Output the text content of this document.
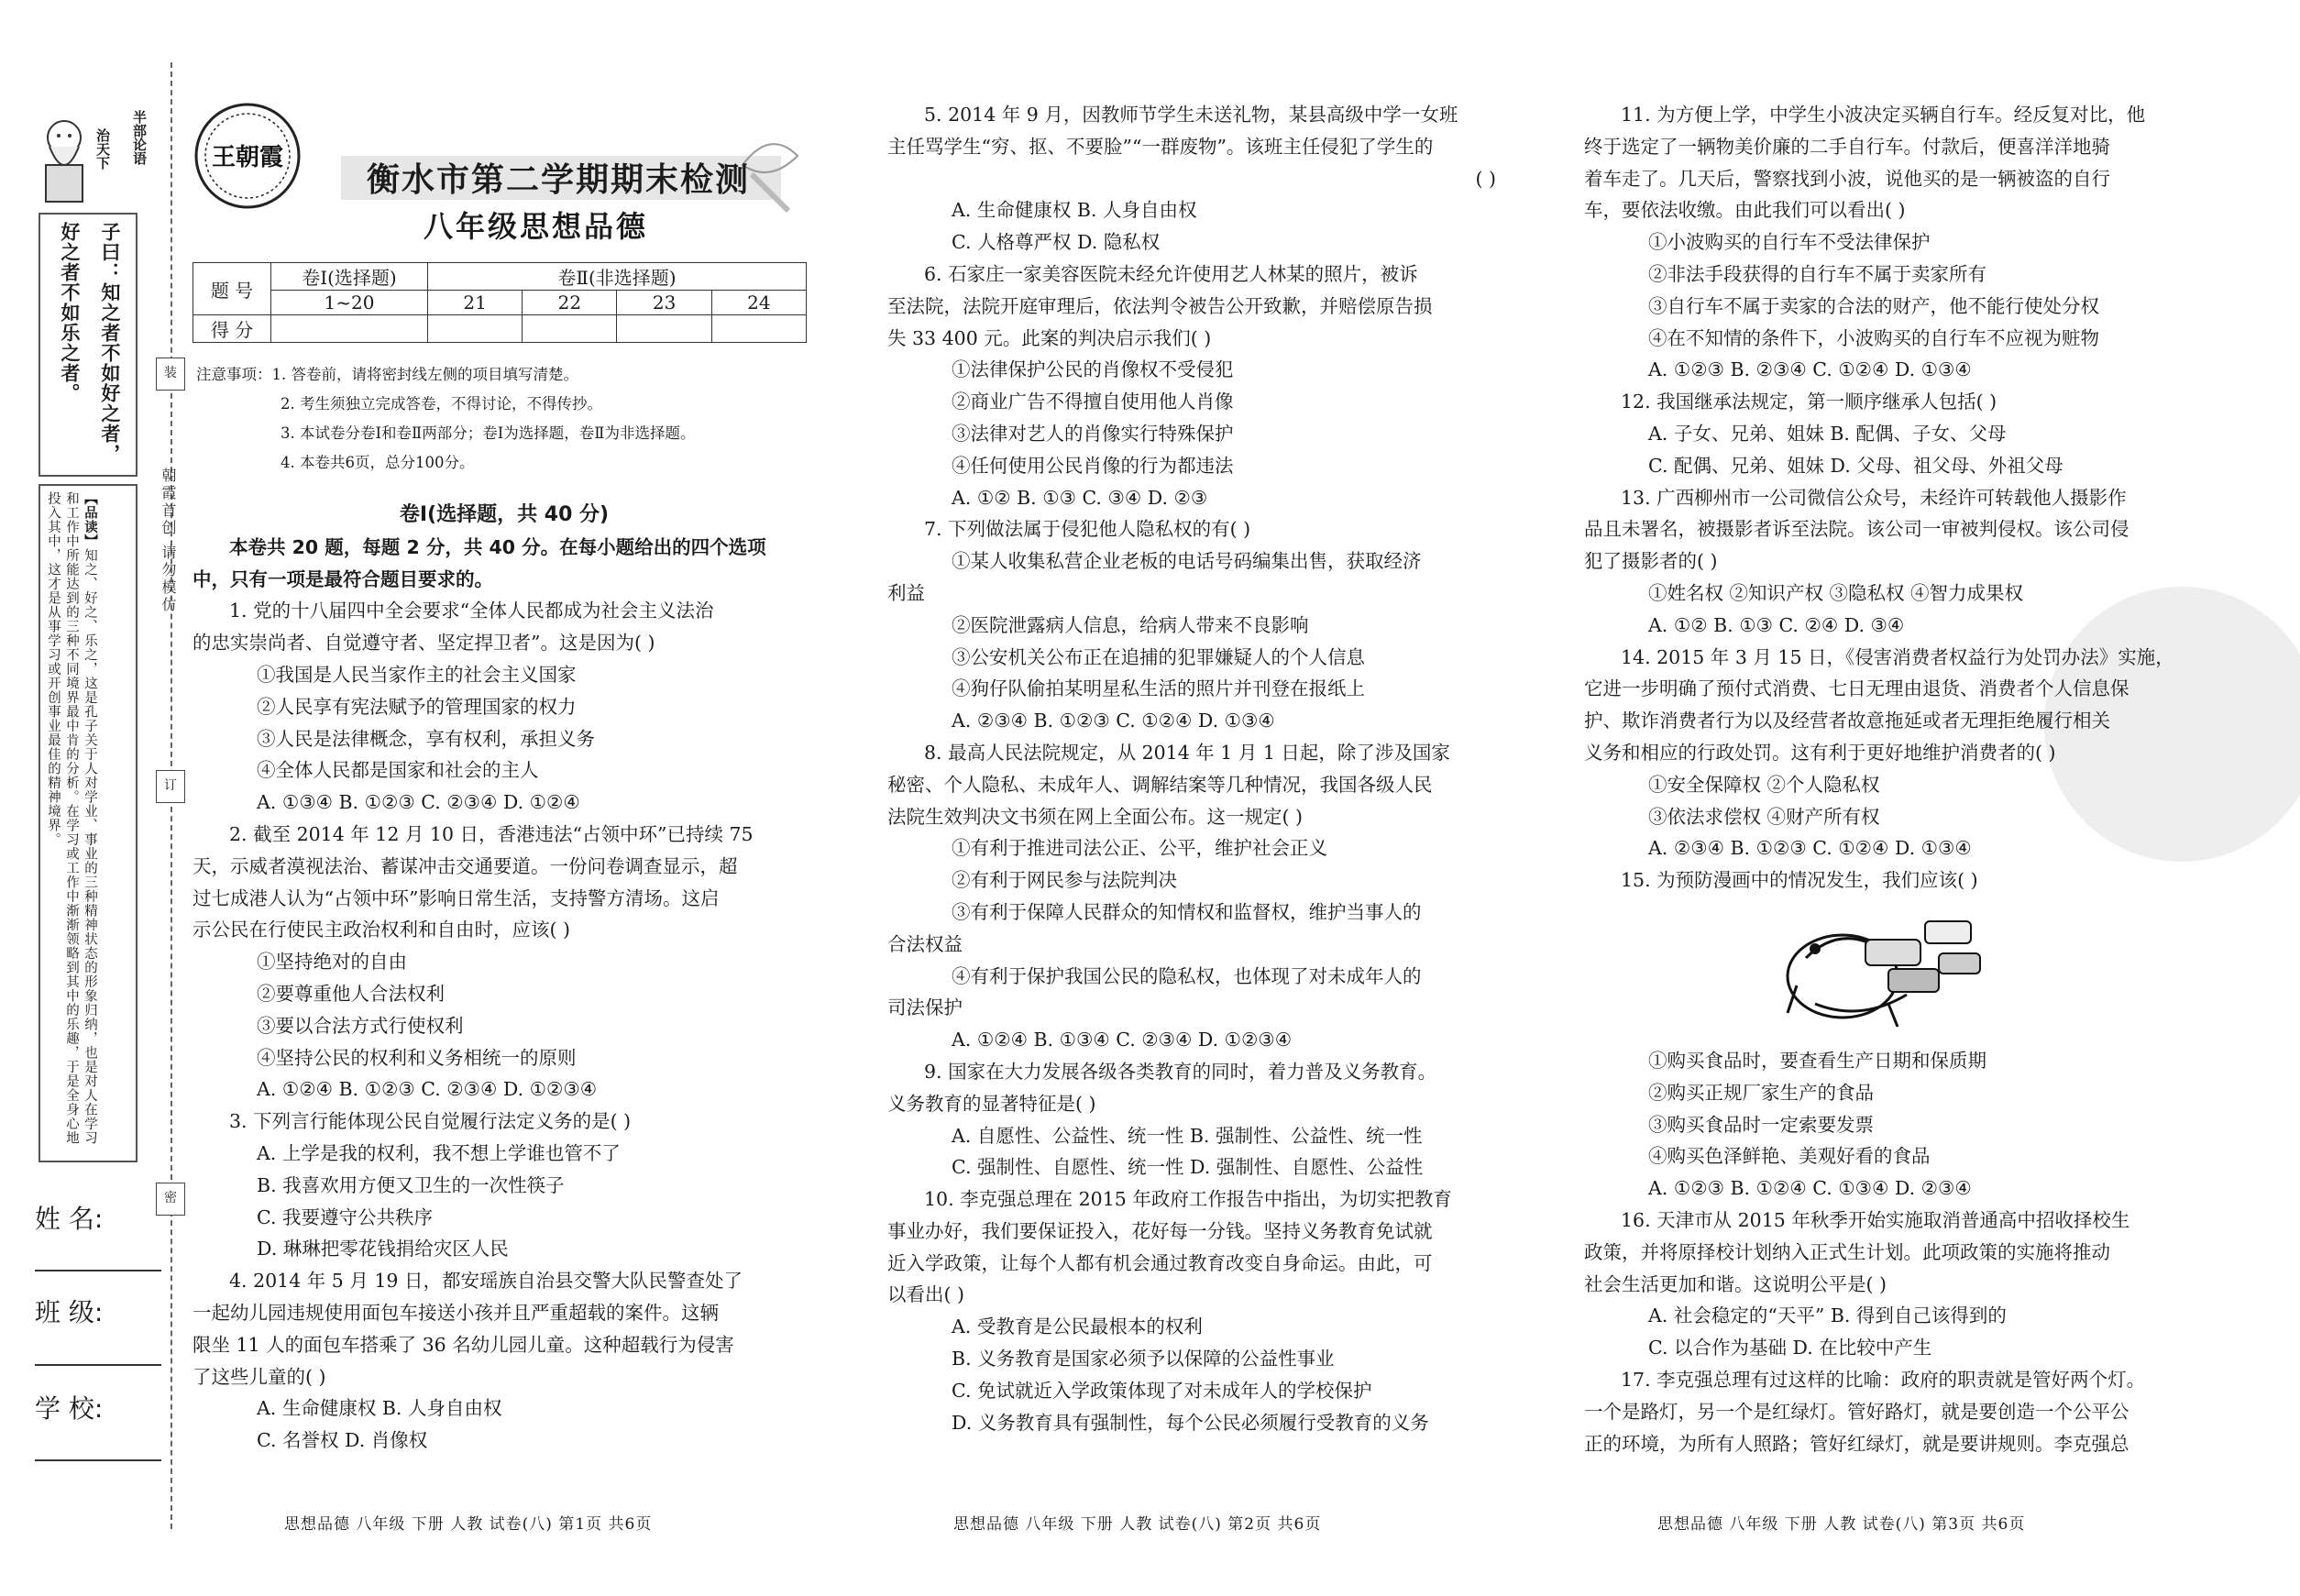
半部论语
治天下
子曰：知之者不如好之者，
好之者不如乐之者。
【品读】知之、好之、乐之，这是孔子关于人对学业、事业的三种精神状态的形象归纳，也是对人在学习和工作中所能达到的三种不同境界最中肯的分析。在学习或工作中渐渐领略到其中的乐趣，于是全身心地投入其中，这才是从事学习或开创事业最佳的精神境界。
姓 名:
班 级:
学 校:
装
朝霞首创 请勿模仿
订
密
王朝霞
衡水市第二学期期末检测
八年级思想品德
题 号	卷Ⅰ(选择题)	卷Ⅱ(非选择题)			
	1~20	21	22	23	24
得 分					
注意事项：1. 答卷前，请将密封线左侧的项目填写清楚。
2. 考生须独立完成答卷，不得讨论，不得传抄。
3. 本试卷分卷Ⅰ和卷Ⅱ两部分；卷Ⅰ为选择题，卷Ⅱ为非选择题。
4. 本卷共6页，总分100分。
卷Ⅰ(选择题，共 40 分)
本卷共 20 题，每题 2 分，共 40 分。在每小题给出的四个选项
中，只有一项是最符合题目要求的。
1. 党的十八届四中全会要求“全体人民都成为社会主义法治
的忠实崇尚者、自觉遵守者、坚定捍卫者”。这是因为( )
①我国是人民当家作主的社会主义国家
②人民享有宪法赋予的管理国家的权力
③人民是法律概念，享有权利，承担义务
④全体人民都是国家和社会的主人
A. ①③④ B. ①②③ C. ②③④ D. ①②④
2. 截至 2014 年 12 月 10 日，香港违法“占领中环”已持续 75
天，示威者漠视法治、蓄谋冲击交通要道。一份问卷调查显示，超
过七成港人认为“占领中环”影响日常生活，支持警方清场。这启
示公民在行使民主政治权利和自由时，应该( )
①坚持绝对的自由
②要尊重他人合法权利
③要以合法方式行使权利
④坚持公民的权利和义务相统一的原则
A. ①②④ B. ①②③ C. ②③④ D. ①②③④
3. 下列言行能体现公民自觉履行法定义务的是( )
A. 上学是我的权利，我不想上学谁也管不了
B. 我喜欢用方便又卫生的一次性筷子
C. 我要遵守公共秩序
D. 琳琳把零花钱捐给灾区人民
4. 2014 年 5 月 19 日，都安瑶族自治县交警大队民警查处了
一起幼儿园违规使用面包车接送小孩并且严重超载的案件。这辆
限坐 11 人的面包车搭乘了 36 名幼儿园儿童。这种超载行为侵害
了这些儿童的( )
A. 生命健康权 B. 人身自由权
C. 名誉权 D. 肖像权
5. 2014 年 9 月，因教师节学生未送礼物，某县高级中学一女班
主任骂学生“穷、抠、不要脸”“一群废物”。该班主任侵犯了学生的
( )
A. 生命健康权 B. 人身自由权
C. 人格尊严权 D. 隐私权
6. 石家庄一家美容医院未经允许使用艺人林某的照片，被诉
至法院，法院开庭审理后，依法判令被告公开致歉，并赔偿原告损
失 33 400 元。此案的判决启示我们( )
①法律保护公民的肖像权不受侵犯
②商业广告不得擅自使用他人肖像
③法律对艺人的肖像实行特殊保护
④任何使用公民肖像的行为都违法
A. ①② B. ①③ C. ③④ D. ②③
7. 下列做法属于侵犯他人隐私权的有( )
①某人收集私营企业老板的电话号码编集出售，获取经济
利益
②医院泄露病人信息，给病人带来不良影响
③公安机关公布正在追捕的犯罪嫌疑人的个人信息
④狗仔队偷拍某明星私生活的照片并刊登在报纸上
A. ②③④ B. ①②③ C. ①②④ D. ①③④
8. 最高人民法院规定，从 2014 年 1 月 1 日起，除了涉及国家
秘密、个人隐私、未成年人、调解结案等几种情况，我国各级人民
法院生效判决文书须在网上全面公布。这一规定( )
①有利于推进司法公正、公平，维护社会正义
②有利于网民参与法院判决
③有利于保障人民群众的知情权和监督权，维护当事人的
合法权益
④有利于保护我国公民的隐私权，也体现了对未成年人的
司法保护
A. ①②④ B. ①③④ C. ②③④ D. ①②③④
9. 国家在大力发展各级各类教育的同时，着力普及义务教育。
义务教育的显著特征是( )
A. 自愿性、公益性、统一性 B. 强制性、公益性、统一性
C. 强制性、自愿性、统一性 D. 强制性、自愿性、公益性
10. 李克强总理在 2015 年政府工作报告中指出，为切实把教育
事业办好，我们要保证投入，花好每一分钱。坚持义务教育免试就
近入学政策，让每个人都有机会通过教育改变自身命运。由此，可
以看出( )
A. 受教育是公民最根本的权利
B. 义务教育是国家必须予以保障的公益性事业
C. 免试就近入学政策体现了对未成年人的学校保护
D. 义务教育具有强制性，每个公民必须履行受教育的义务
11. 为方便上学，中学生小波决定买辆自行车。经反复对比，他
终于选定了一辆物美价廉的二手自行车。付款后，便喜洋洋地骑
着车走了。几天后，警察找到小波，说他买的是一辆被盗的自行
车，要依法收缴。由此我们可以看出( )
①小波购买的自行车不受法律保护
②非法手段获得的自行车不属于卖家所有
③自行车不属于卖家的合法的财产，他不能行使处分权
④在不知情的条件下，小波购买的自行车不应视为赃物
A. ①②③ B. ②③④ C. ①②④ D. ①③④
12. 我国继承法规定，第一顺序继承人包括( )
A. 子女、兄弟、姐妹 B. 配偶、子女、父母
C. 配偶、兄弟、姐妹 D. 父母、祖父母、外祖父母
13. 广西柳州市一公司微信公众号，未经许可转载他人摄影作
品且未署名，被摄影者诉至法院。该公司一审被判侵权。该公司侵
犯了摄影者的( )
①姓名权 ②知识产权 ③隐私权 ④智力成果权
A. ①② B. ①③ C. ②④ D. ③④
14. 2015 年 3 月 15 日，《侵害消费者权益行为处罚办法》实施，
它进一步明确了预付式消费、七日无理由退货、消费者个人信息保
护、欺诈消费者行为以及经营者故意拖延或者无理拒绝履行相关
义务和相应的行政处罚。这有利于更好地维护消费者的( )
①安全保障权 ②个人隐私权
③依法求偿权 ④财产所有权
A. ②③④ B. ①②③ C. ①②④ D. ①③④
15. 为预防漫画中的情况发生，我们应该( )
①购买食品时，要查看生产日期和保质期
②购买正规厂家生产的食品
③购买食品时一定索要发票
④购买色泽鲜艳、美观好看的食品
A. ①②③ B. ①②④ C. ①③④ D. ②③④
16. 天津市从 2015 年秋季开始实施取消普通高中招收择校生
政策，并将原择校计划纳入正式生计划。此项政策的实施将推动
社会生活更加和谐。这说明公平是( )
A. 社会稳定的“天平” B. 得到自己该得到的
C. 以合作为基础 D. 在比较中产生
17. 李克强总理有过这样的比喻：政府的职责就是管好两个灯。
一个是路灯，另一个是红绿灯。管好路灯，就是要创造一个公平公
正的环境，为所有人照路；管好红绿灯，就是要讲规则。李克强总
思想品德 八年级 下册 人教 试卷(八) 第1页 共6页	思想品德 八年级 下册 人教 试卷(八) 第2页 共6页	思想品德 八年级 下册 人教 试卷(八) 第3页 共6页
